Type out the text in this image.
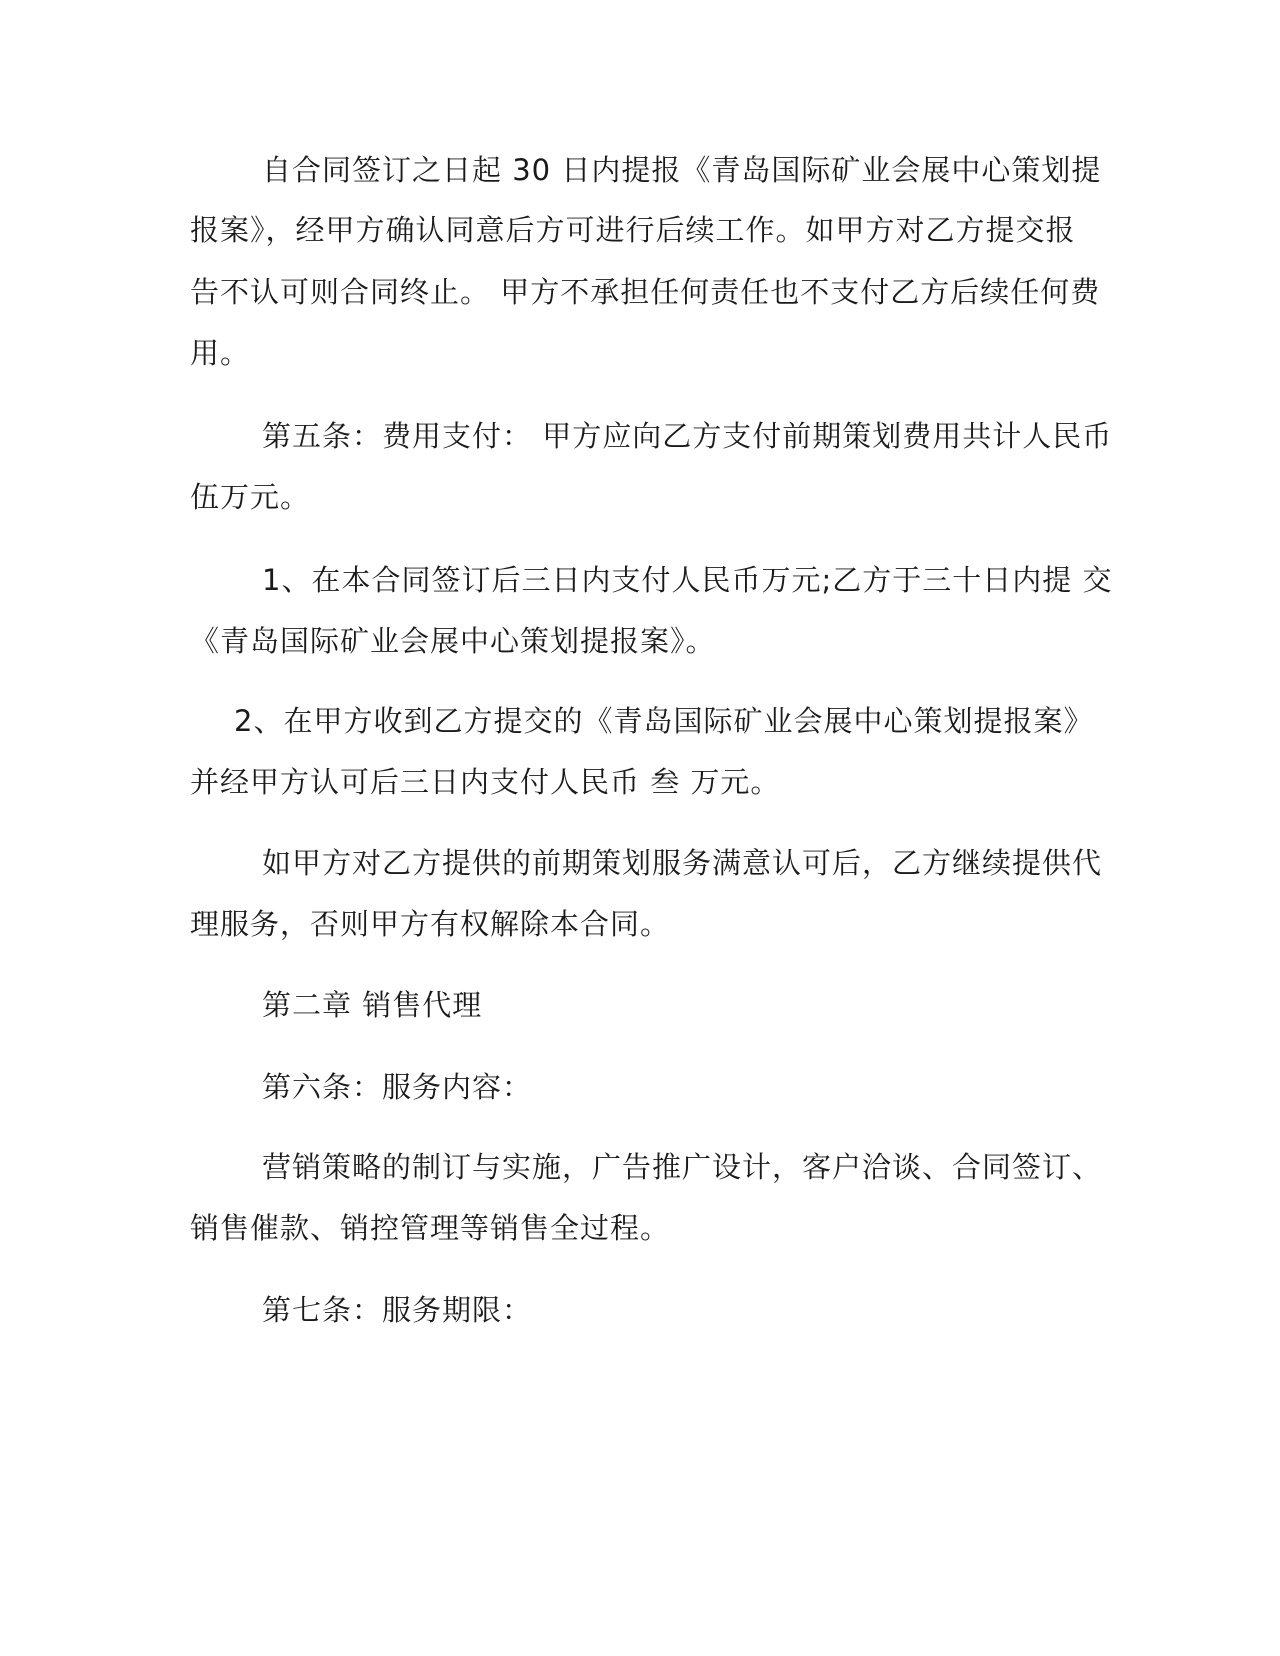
自合同签订之日起 30 日内提报《青岛国际矿业会展中心策划提
报案》，经甲方确认同意后方可进行后续工作。如甲方对乙方提交报
告不认可则合同终止。 甲方不承担任何责任也不支付乙方后续任何费
用。
第五条：费用支付： 甲方应向乙方支付前期策划费用共计人民币
伍万元。
1、在本合同签订后三日内支付人民币万元;乙方于三十日内提 交
《青岛国际矿业会展中心策划提报案》。
2、在甲方收到乙方提交的《青岛国际矿业会展中心策划提报案》
并经甲方认可后三日内支付人民币 叁 万元。
如甲方对乙方提供的前期策划服务满意认可后，乙方继续提供代
理服务，否则甲方有权解除本合同。
第二章 销售代理
第六条：服务内容：
营销策略的制订与实施，广告推广设计，客户洽谈、合同签订、
销售催款、销控管理等销售全过程。
第七条：服务期限：
